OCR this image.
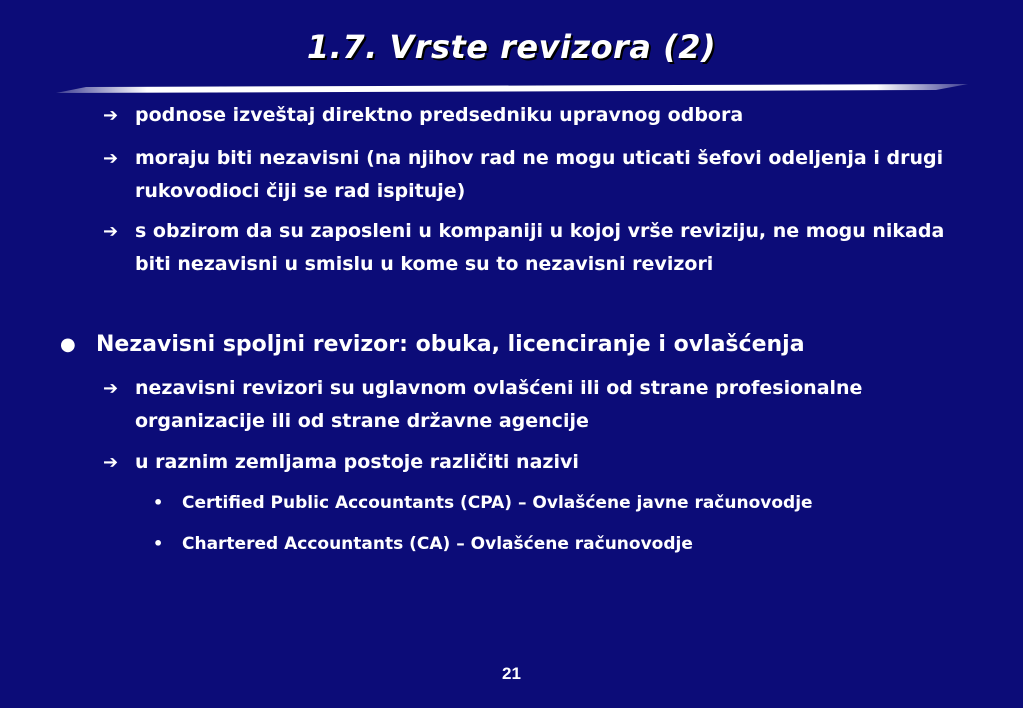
1.7. Vrste revizora (2)
➔ podnose izveštaj direktno predsedniku upravnog odbora
➔ moraju biti nezavisni (na njihov rad ne mogu uticati šefovi odeljenja i drugi rukovodioci čiji se rad ispituje)
➔ s obzirom da su zaposleni u kompaniji u kojoj vrše reviziju, ne mogu nikada biti nezavisni u smislu u kome su to nezavisni revizori
● Nezavisni spoljni revizor: obuka, licenciranje i ovlašćenja
➔ nezavisni revizori su uglavnom ovlašćeni ili od strane profesionalne organizacije ili od strane državne agencije
➔ u raznim zemljama postoje različiti nazivi
• Certified Public Accountants (CPA) – Ovlašćene javne računovodje
• Chartered Accountants (CA) – Ovlašćene računovodje
21
